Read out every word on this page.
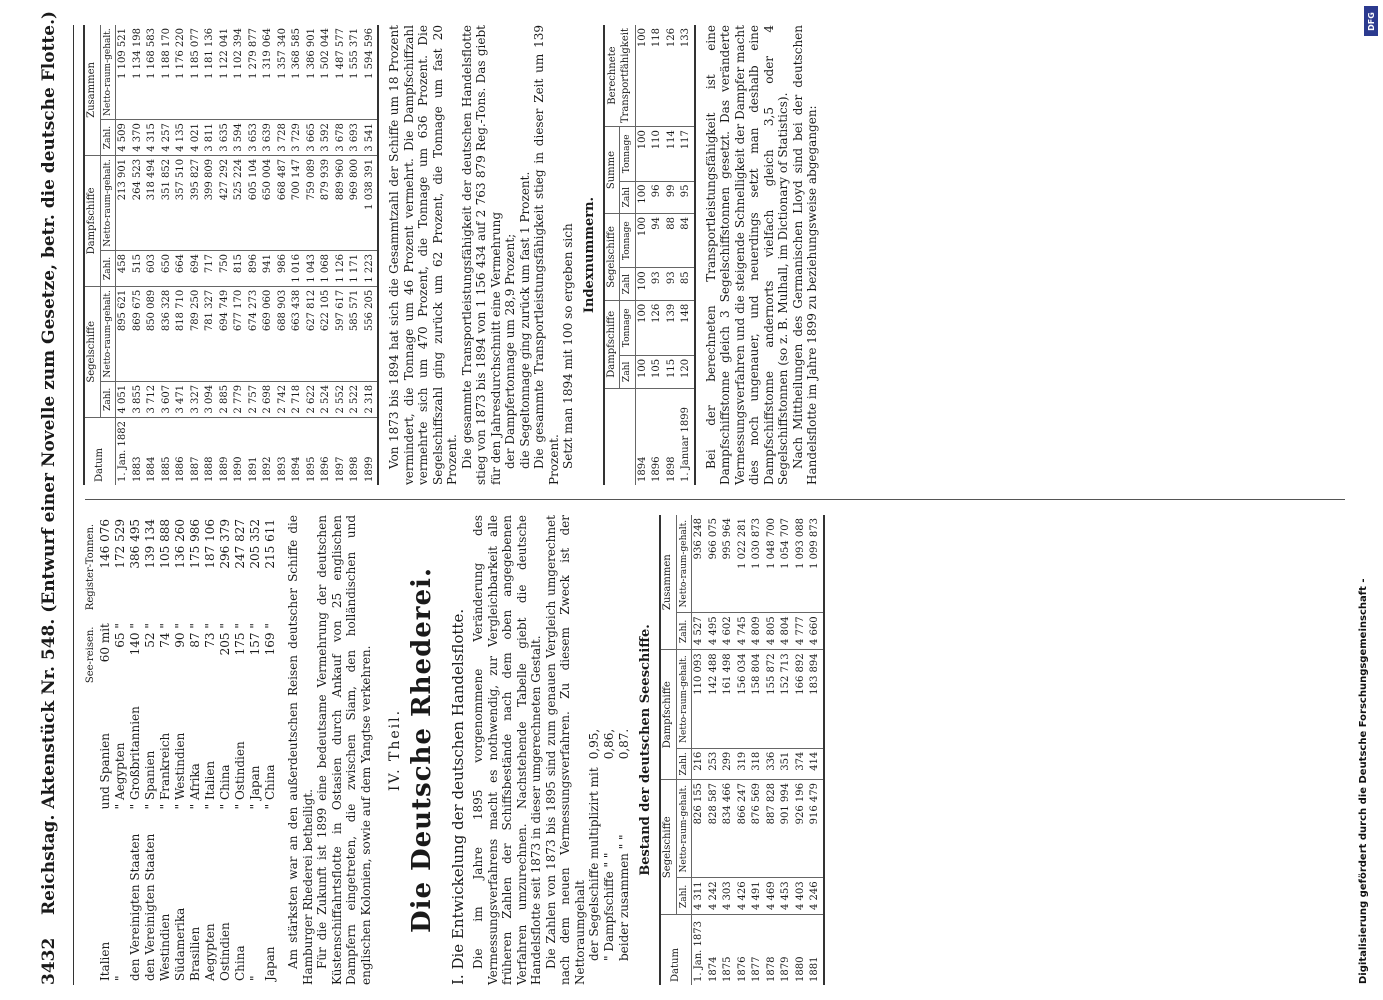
DFG
Digitalisierung gefördert durch die Deutsche Forschungsgemeinschaft -
3432
Reichstag. Aktenstück Nr. 548. (Entwurf einer Novelle zum Gesetze, betr. die deutsche Flotte.)
			See-reisen.	Register-Tonnen.
Italien	und Spanien	60 mit	146 076
"	" Aegypten	65 "	172 529
den Vereinigten Staaten	" Großbritannien	140 "	386 495
den Vereinigten Staaten	" Spanien	52 "	139 134
Westindien	" Frankreich	74 "	105 888
Südamerika	" Westindien	90 "	136 260
Brasilien	" Afrika	87 "	175 986
Aegypten	" Italien	73 "	187 106
Ostindien	" China	205 "	296 379
China	" Ostindien	175 "	247 827
"	" Japan	157 "	205 352
Japan	" China	169 "	215 611 Am stärksten war an den außerdeutschen Reisen deutscher Schiffe die Hamburger Rhederei betheiligt. Für die Zukunft ist 1899 eine bedeutsame Vermehrung der deutschen Küstenschiffahrtsflotte in Ostasien durch Ankauf von 25 englischen Dampfern eingetreten, die zwischen Siam, den holländischen und englischen Kolonien, sowie auf dem Yangtse verkehren. IV. Theil. Die Deutsche Rhederei. I. Die Entwickelung der deutschen Handelsflotte. Die im Jahre 1895 vorgenommene Veränderung des Vermessungsverfahrens macht es nothwendig, zur Vergleichbarkeit alle früheren Zahlen der Schiffsbestände nach dem oben angegebenen Verfahren umzurechnen. Nachstehende Tabelle giebt die deutsche Handelsflotte seit 1873 in dieser umgerechneten Gestalt. Die Zahlen von 1873 bis 1895 sind zum genauen Vergleich umgerechnet nach dem neuen Vermessungsverfahren. Zu diesem Zweck ist der Nettoraumgehalt der Segelschiffe multiplizirt mit	0,95,
" Dampfschiffe " "	0,86,
beider zusammen " "	0,87. Bestand der deutschen Seeschiffe.
Datum	Segelschiffe		Dampfschiffe		Zusammen	
	Zahl.	Netto-raum-gehalt.	Zahl.	Netto-raum-gehalt.	Zahl.	Netto-raum-gehalt.
1. Jan. 1873	4 311	826 155	216	110 093	4 527	936 248
1874	4 242	828 587	253	142 488	4 495	966 075
1875	4 303	834 466	299	161 498	4 602	995 964
1876	4 426	866 247	319	156 034	4 745	1 022 281
1877	4 491	876 569	318	158 804	4 809	1 030 873
1878	4 469	887 828	336	155 872	4 805	1 048 700
1879	4 453	901 994	351	152 713	4 804	1 054 707
1880	4 403	926 196	374	166 892	4 777	1 093 088
1881	4 246	916 479	414	183 894	4 660	1 099 873
Datum	Segelschiffe		Dampfschiffe		Zusammen	
	Zahl.	Netto-raum-gehalt.	Zahl.	Netto-raum-gehalt.	Zahl.	Netto-raum-gehalt.
1. Jan. 1882	4 051	895 621	458	213 901	4 509	1 109 521
1883	3 855	869 675	515	264 523	4 370	1 134 198
1884	3 712	850 089	603	318 494	4 315	1 168 583
1885	3 607	836 328	650	351 852	4 257	1 188 170
1886	3 471	818 710	664	357 510	4 135	1 176 220
1887	3 327	789 250	694	395 827	4 021	1 185 077
1888	3 094	781 327	717	399 809	3 811	1 181 136
1889	2 885	694 749	750	427 292	3 635	1 122 041
1890	2 779	677 170	815	525 224	3 594	1 102 394
1891	2 757	674 273	896	605 104	3 653	1 279 877
1892	2 698	669 060	941	650 004	3 639	1 319 064
1893	2 742	688 903	986	668 487	3 728	1 357 340
1894	2 718	663 438	1 016	700 147	3 729	1 368 585
1895	2 622	627 812	1 043	759 089	3 665	1 386 901
1896	2 524	622 105	1 068	879 939	3 592	1 502 044
1897	2 552	597 617	1 126	889 960	3 678	1 487 577
1898	2 522	585 571	1 171	969 800	3 693	1 555 371
1899	2 318	556 205	1 223	1 038 391	3 541	1 594 596 Von 1873 bis 1894 hat sich die Gesammtzahl der Schiffe um 18 Prozent vermindert, die Tonnage um 46 Prozent vermehrt. Die Dampfschiffzahl vermehrte sich um 470 Prozent, die Tonnage um 636 Prozent. Die Segelschiffszahl ging zurück um 62 Prozent, die Tonnage um fast 20 Prozent. Die gesammte Transportleistungsfähigkeit der deutschen Handelsflotte stieg von 1873 bis 1894 von 1 156 434 auf 2 763 879 Reg.-Tons. Das giebt für den Jahresdurchschnitt eine Vermehrung der Dampfertonnage um 28,9 Prozent; die Segeltonnage ging zurück um fast 1 Prozent. Die gesammte Transportleistungsfähigkeit stieg in dieser Zeit um 139 Prozent. Setzt man 1894 mit 100 so ergeben sich Indexnummern.
	Dampfschiffe		Segelschiffe		Summe		Berechnete Transportfähigkeit
	Zahl	Tonnage	Zahl	Tonnage	Zahl	Tonnage	
1894	100	100	100	100	100	100	100
1896	105	126	93	94	96	110	118
1898	115	139	93	88	99	114	126
1. Januar 1899	120	148	85	84	95	117	133 Bei der berechneten Transportleistungsfähigkeit ist eine Dampfschiffstonne gleich 3 Segelschiffstonnen gesetzt. Das veränderte Vermessungsverfahren und die steigende Schnelligkeit der Dampfer macht dies noch ungenauer, und neuerdings setzt man deshalb eine Dampfschiffstonne andernorts vielfach gleich 3,5 oder 4 Segelschiffstonnen (so z. B. Mulhall, im Dictionary of Statistics). Nach Mittheilungen des Germanischen Lloyd sind bei der deutschen Handelsflotte im Jahre 1899 zu beziehungsweise abgegangen:
